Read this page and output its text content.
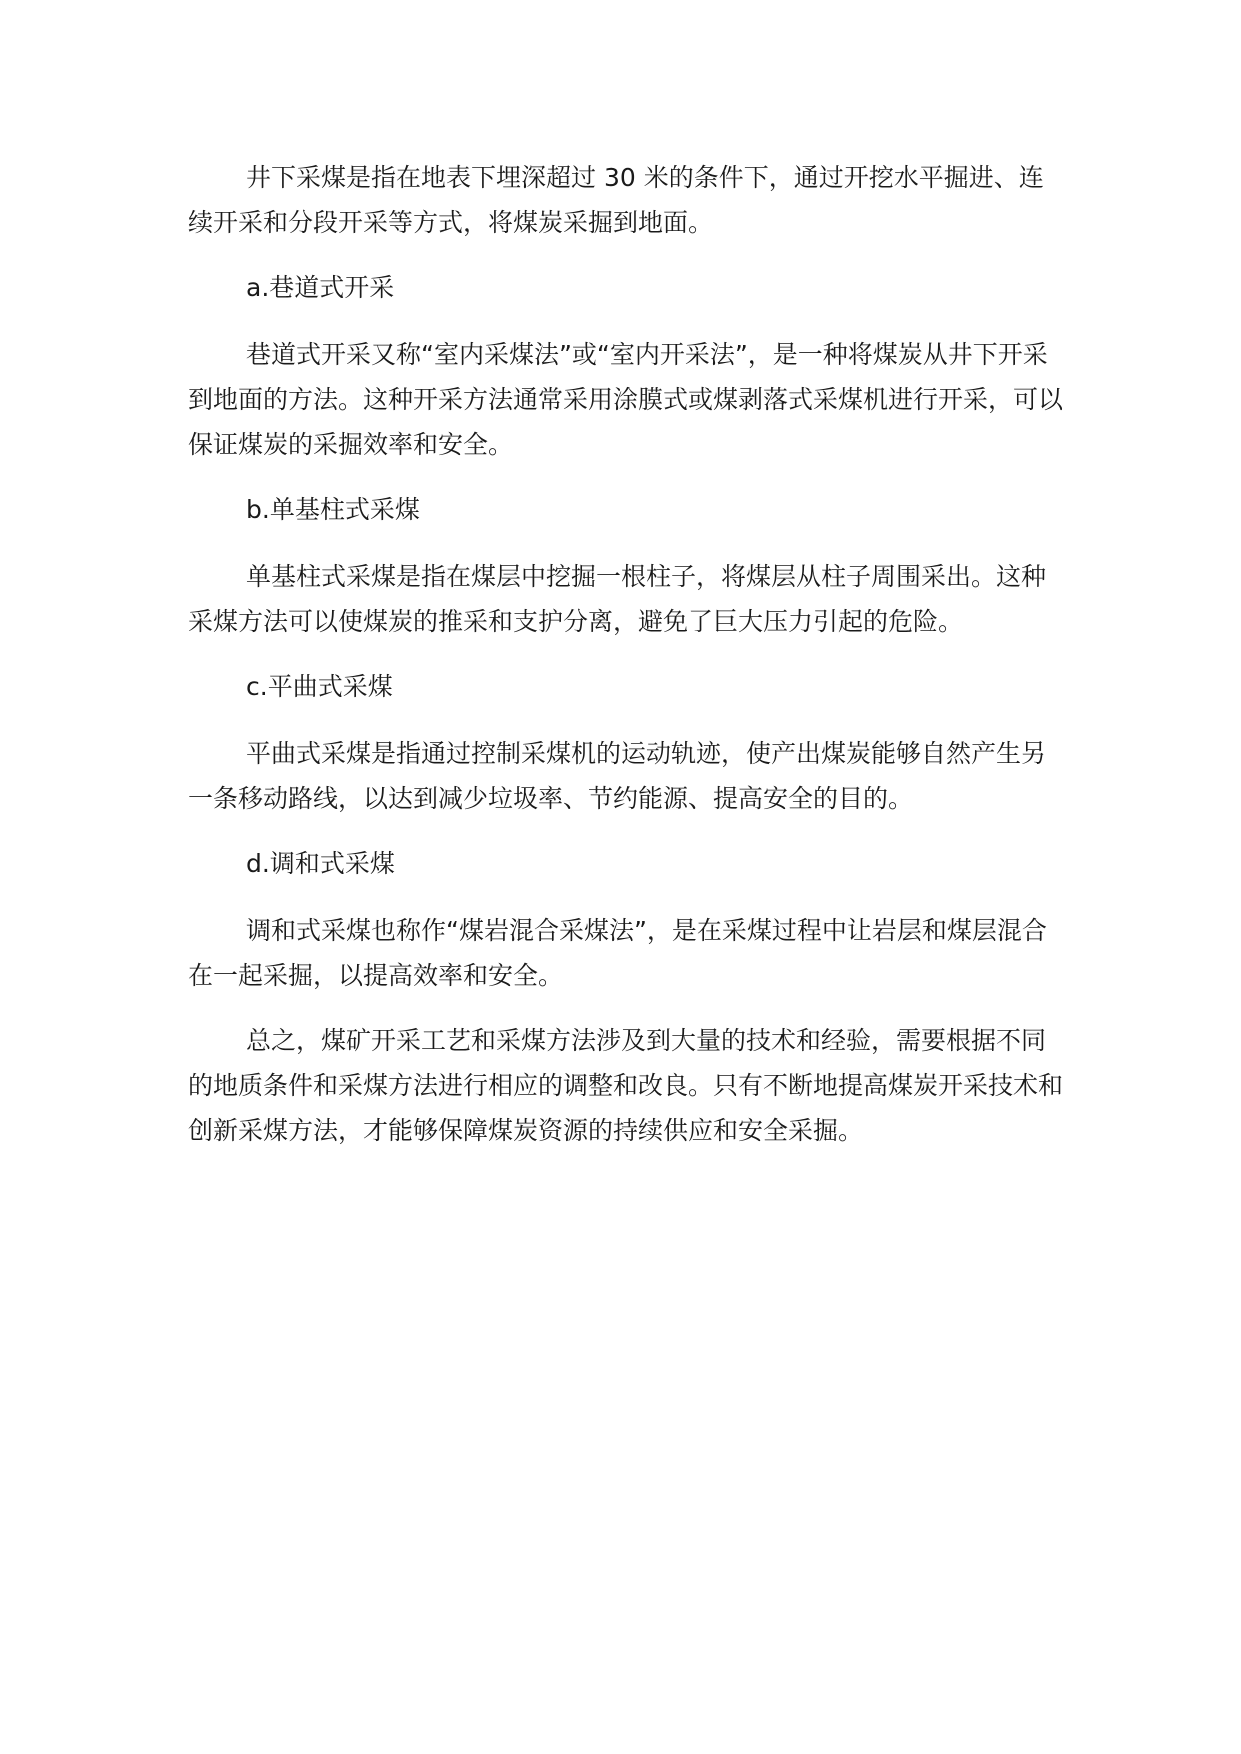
井下采煤是指在地表下埋深超过 30 米的条件下，通过开挖水平掘进、连续开采和分段开采等方式，将煤炭采掘到地面。

a.巷道式开采

巷道式开采又称“室内采煤法”或“室内开采法”，是一种将煤炭从井下开采到地面的方法。这种开采方法通常采用涂膜式或煤剥落式采煤机进行开采，可以保证煤炭的采掘效率和安全。

b.单基柱式采煤

单基柱式采煤是指在煤层中挖掘一根柱子，将煤层从柱子周围采出。这种采煤方法可以使煤炭的推采和支护分离，避免了巨大压力引起的危险。

c.平曲式采煤

平曲式采煤是指通过控制采煤机的运动轨迹，使产出煤炭能够自然产生另一条移动路线，以达到减少垃圾率、节约能源、提高安全的目的。

d.调和式采煤

调和式采煤也称作“煤岩混合采煤法”，是在采煤过程中让岩层和煤层混合在一起采掘，以提高效率和安全。

总之，煤矿开采工艺和采煤方法涉及到大量的技术和经验，需要根据不同的地质条件和采煤方法进行相应的调整和改良。只有不断地提高煤炭开采技术和创新采煤方法，才能够保障煤炭资源的持续供应和安全采掘。
